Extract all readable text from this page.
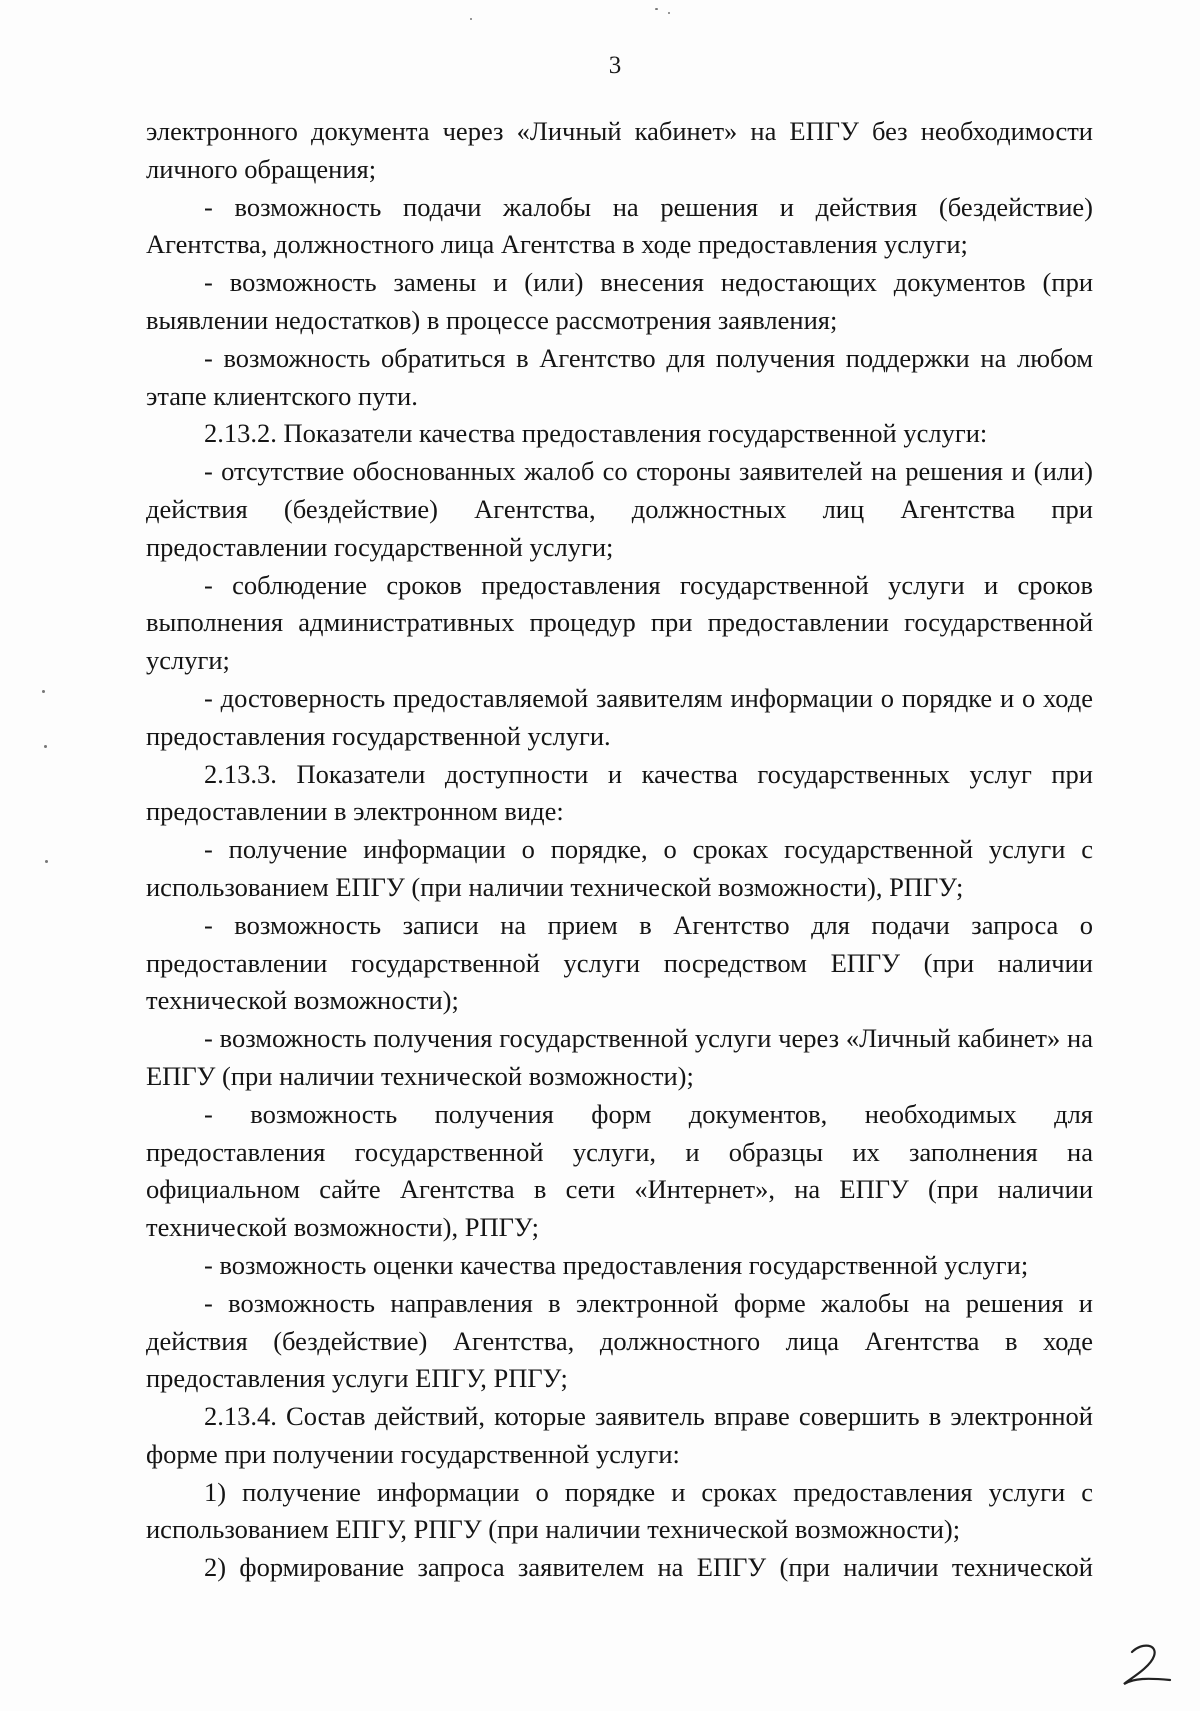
3

электронного документа через «Личный кабинет» на ЕПГУ без необходимости личного обращения;

- возможность подачи жалобы на решения и действия (бездействие) Агентства, должностного лица Агентства в ходе предоставления услуги;

- возможность замены и (или) внесения недостающих документов (при выявлении недостатков) в процессе рассмотрения заявления;

- возможность обратиться в Агентство для получения поддержки на любом этапе клиентского пути.

2.13.2. Показатели качества предоставления государственной услуги:

- отсутствие обоснованных жалоб со стороны заявителей на решения и (или) действия (бездействие) Агентства, должностных лиц Агентства при предоставлении государственной услуги;

- соблюдение сроков предоставления государственной услуги и сроков выполнения административных процедур при предоставлении государственной услуги;

- достоверность предоставляемой заявителям информации о порядке и о ходе предоставления государственной услуги.

2.13.3. Показатели доступности и качества государственных услуг при предоставлении в электронном виде:

- получение информации о порядке, о сроках государственной услуги с использованием ЕПГУ (при наличии технической возможности), РПГУ;

- возможность записи на прием в Агентство для подачи запроса о предоставлении государственной услуги посредством ЕПГУ (при наличии технической возможности);

- возможность получения государственной услуги через «Личный кабинет» на ЕПГУ (при наличии технической возможности);

- возможность получения форм документов, необходимых для предоставления государственной услуги, и образцы их заполнения на официальном сайте Агентства в сети «Интернет», на ЕПГУ (при наличии технической возможности), РПГУ;

- возможность оценки качества предоставления государственной услуги;

- возможность направления в электронной форме жалобы на решения и действия (бездействие) Агентства, должностного лица Агентства в ходе предоставления услуги ЕПГУ, РПГУ;

2.13.4. Состав действий, которые заявитель вправе совершить в электронной форме при получении государственной услуги:

1) получение информации о порядке и сроках предоставления услуги с использованием ЕПГУ, РПГУ (при наличии технической возможности);

2) формирование запроса заявителем на ЕПГУ (при наличии технической
